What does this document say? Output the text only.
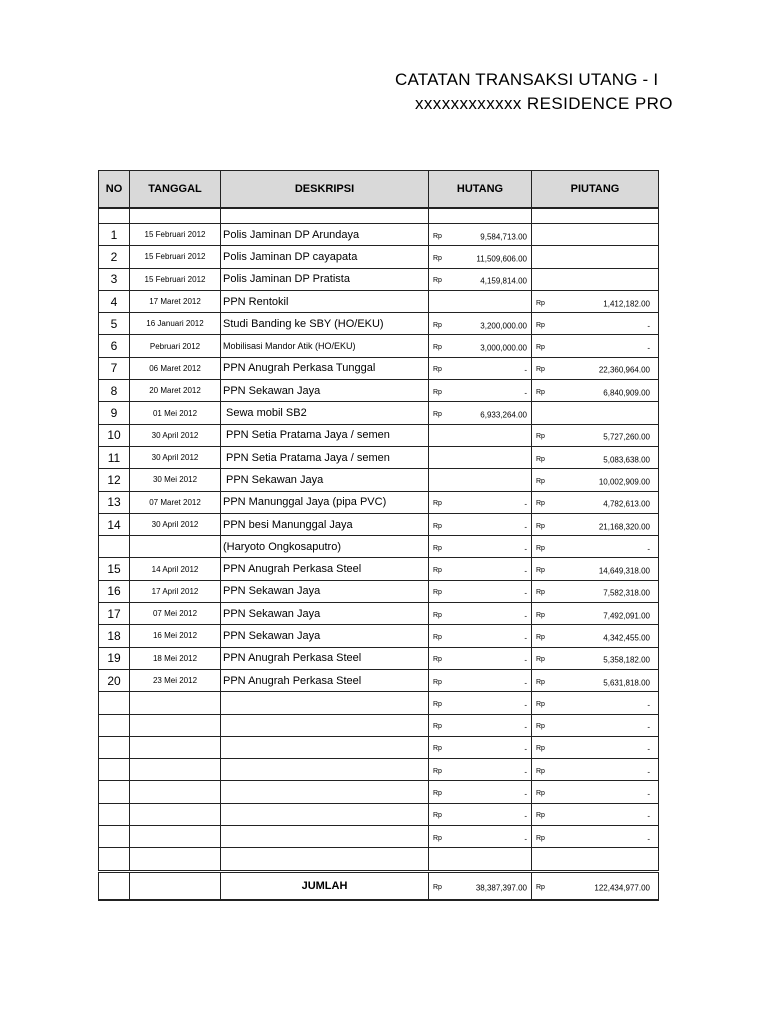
CATATAN TRANSAKSI UTANG - I
xxxxxxxxxxxx RESIDENCE PRO
NO	TANGGAL	DESKRIPSI	HUTANG	PIUTANG

1	15 Februari 2012	Polis Jaminan DP Arundaya	Rp 9,584,713.00	

2	15 Februari 2012	Polis Jaminan DP cayapata	Rp 11,509,606.00	

3	15 Februari 2012	Polis Jaminan DP Pratista	Rp 4,159,814.00	

4	17 Maret 2012	PPN Rentokil		Rp 1,412,182.00

5	16 Januari 2012	Studi Banding ke SBY (HO/EKU)	Rp 3,200,000.00	Rp -

6	Pebruari 2012	Mobilisasi Mandor Atik (HO/EKU)	Rp 3,000,000.00	Rp -

7	06 Maret 2012	PPN Anugrah Perkasa Tunggal	Rp -	Rp 22,360,964.00

8	20 Maret 2012	PPN Sekawan Jaya	Rp -	Rp 6,840,909.00

9	01 Mei 2012	Sewa mobil SB2	Rp 6,933,264.00	

10	30 April 2012	PPN Setia Pratama Jaya / semen		Rp 5,727,260.00

11	30 April 2012	PPN Setia Pratama Jaya / semen		Rp 5,083,638.00

12	30 Mei 2012	PPN Sekawan Jaya		Rp 10,002,909.00

13	07 Maret 2012	PPN Manunggal Jaya (pipa PVC)	Rp -	Rp 4,782,613.00

14	30 April 2012	PPN besi Manunggal Jaya	Rp -	Rp 21,168,320.00

		(Haryoto Ongkosaputro)	Rp -	Rp -

15	14 April 2012	PPN Anugrah Perkasa Steel	Rp -	Rp 14,649,318.00

16	17 April 2012	PPN Sekawan Jaya	Rp -	Rp 7,582,318.00

17	07 Mei 2012	PPN Sekawan Jaya	Rp -	Rp 7,492,091.00

18	16 Mei 2012	PPN Sekawan Jaya	Rp -	Rp 4,342,455.00

19	18 Mei 2012	PPN Anugrah Perkasa Steel	Rp -	Rp 5,358,182.00

20	23 Mei 2012	PPN Anugrah Perkasa Steel	Rp -	Rp 5,631,818.00

			Rp -	Rp -

			Rp -	Rp -

			Rp -	Rp -

			Rp -	Rp -

			Rp -	Rp -

			Rp -	Rp -

			Rp -	Rp -

		JUMLAH	Rp 38,387,397.00	Rp 122,434,977.00
